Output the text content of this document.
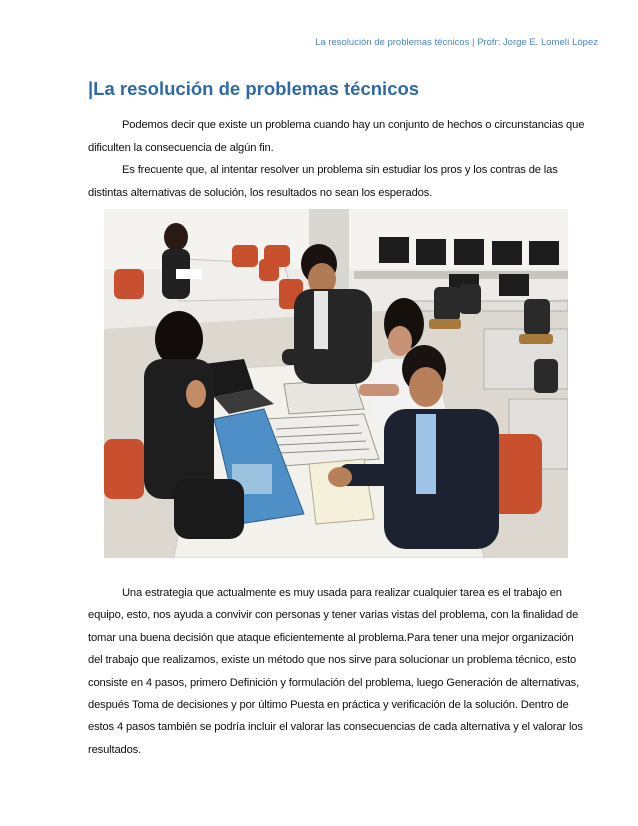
La resolución de problemas técnicos | Profr: Jorge E. Lomelí López
|La resolución de problemas técnicos

Podemos decir que existe un problema cuando hay un conjunto de hechos o circunstancias que dificulten la consecuencia de algún fin.

Es frecuente que, al intentar resolver un problema sin estudiar los pros y los contras de las distintas alternativas de solución, los resultados no sean los esperados.

Una estrategia que actualmente es muy usada para realizar cualquier tarea es el trabajo en equipo, esto, nos ayuda a convivir con personas y tener varias vistas del problema, con la finalidad de tomar una buena decisión que ataque eficientemente al problema.Para tener una mejor organización del trabajo que realizamos, existe un método que nos sirve para solucionar un problema técnico, esto consiste en 4 pasos, primero Definición y formulación del problema, luego Generación de alternativas, después Toma de decisiones y por último Puesta en práctica y verificación de la solución. Dentro de estos 4 pasos también se podría incluir el valorar las consecuencias de cada alternativa y el valorar los resultados.
